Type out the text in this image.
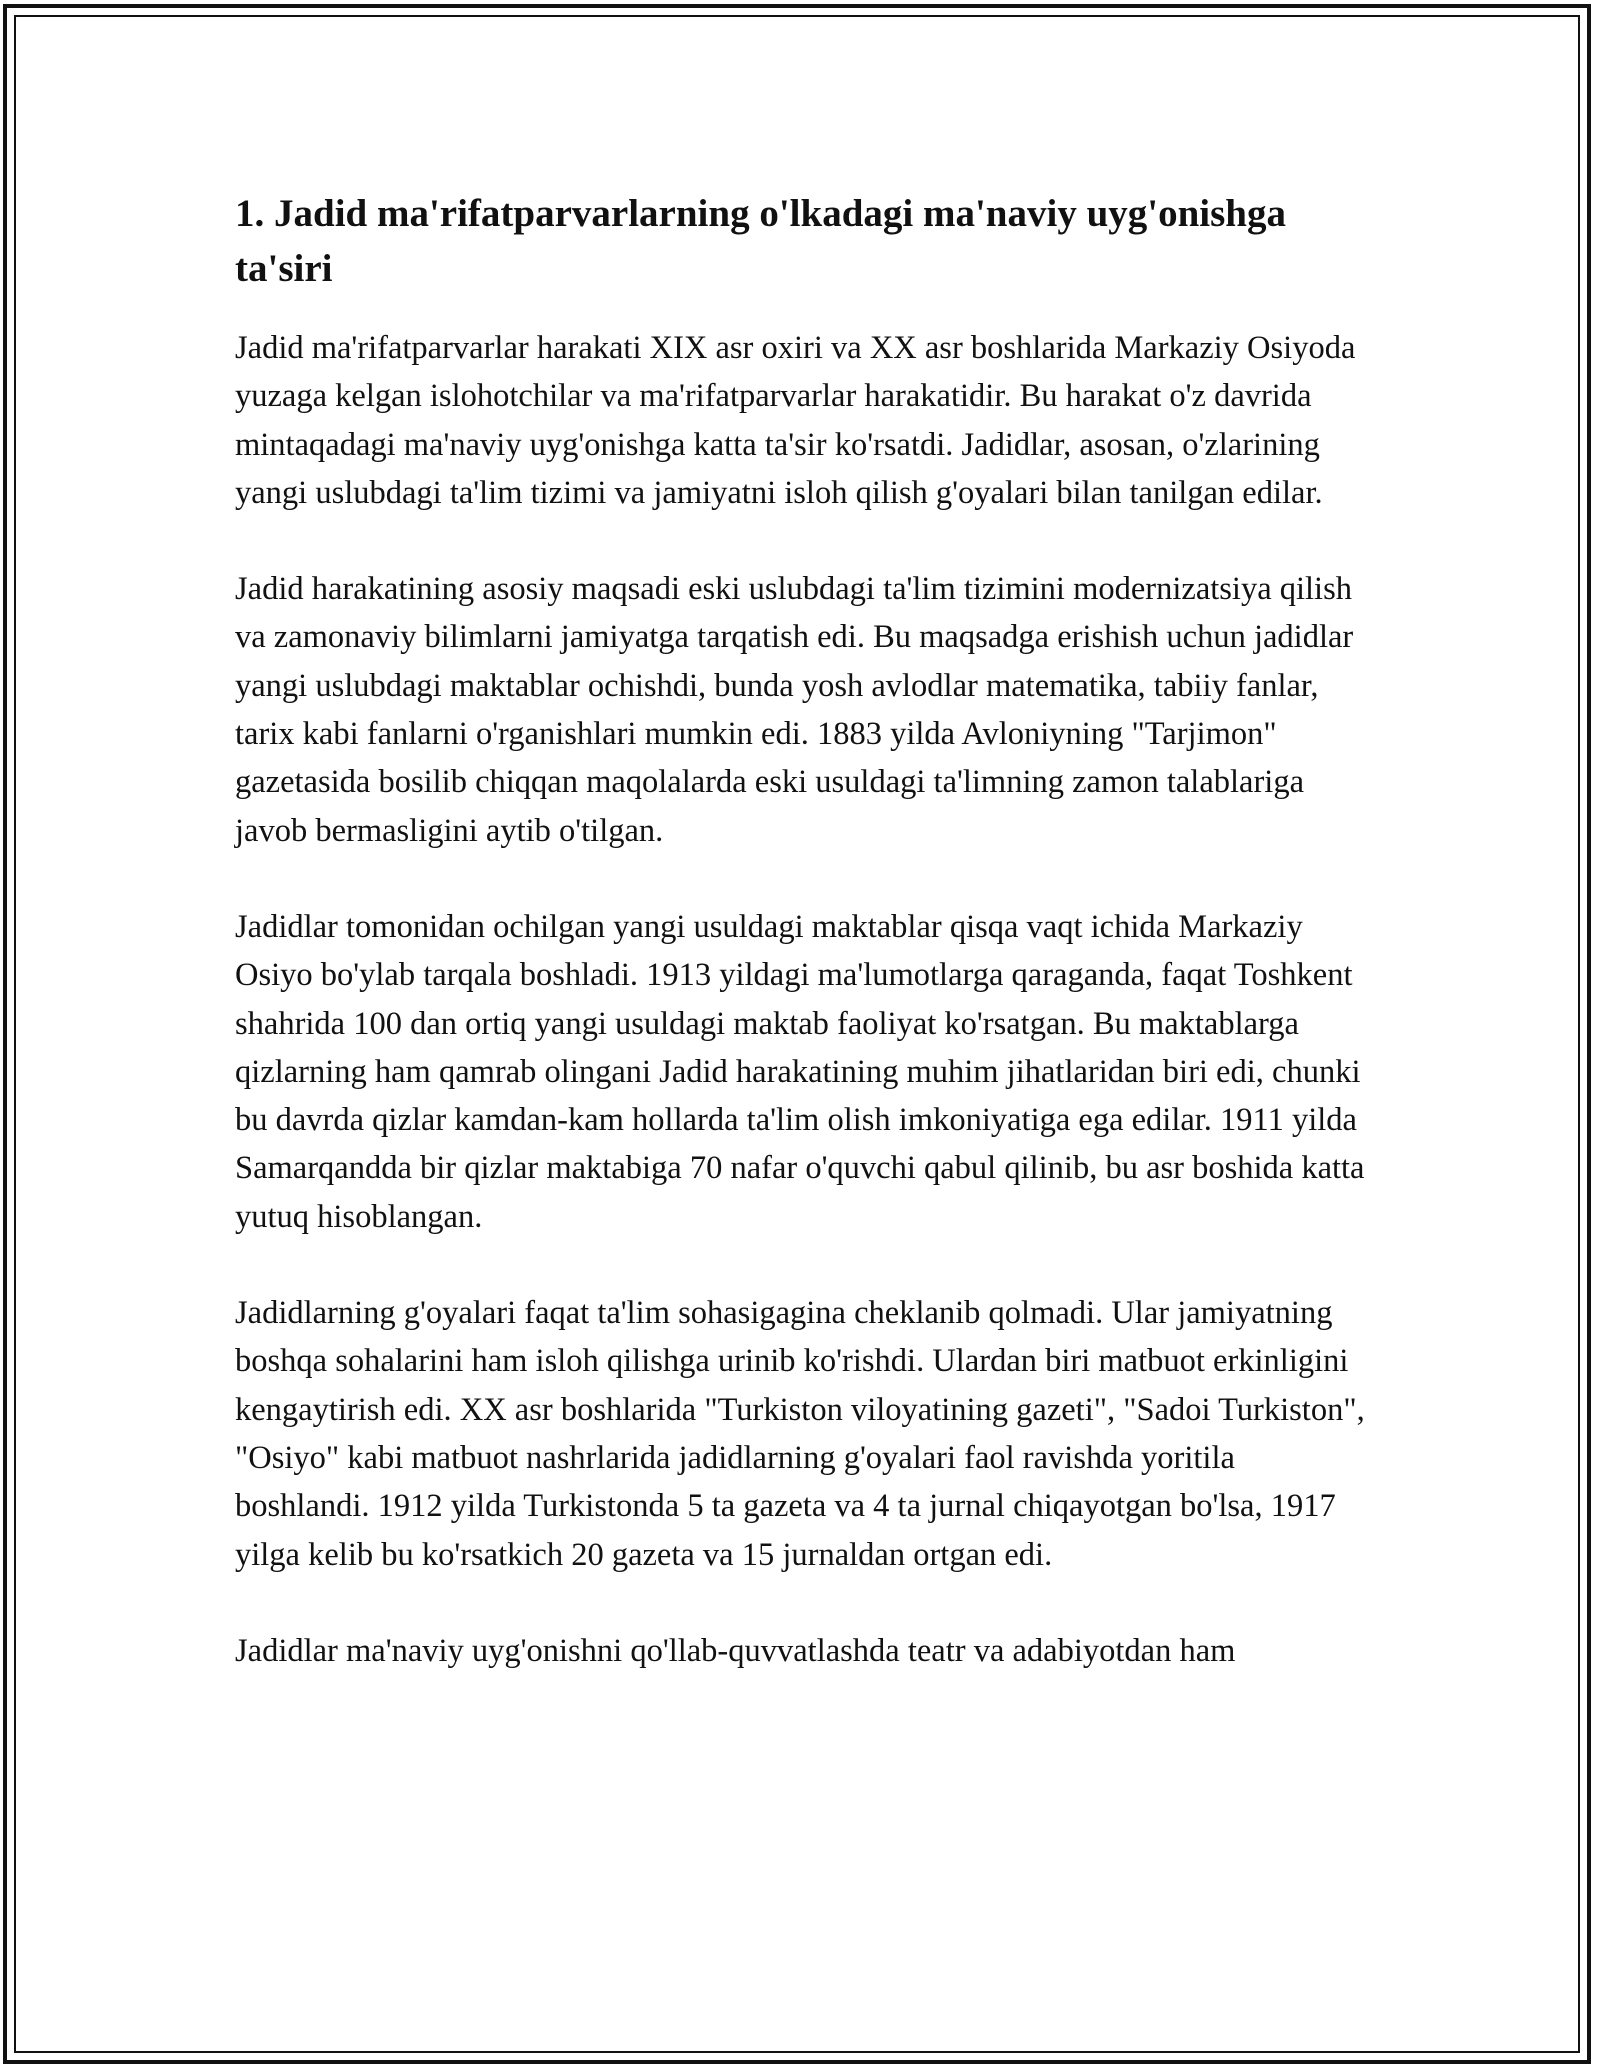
1. Jadid ma'rifatparvarlarning o'lkadagi ma'naviy uyg'onishga ta'siri

Jadid ma'rifatparvarlar harakati XIX asr oxiri va XX asr boshlarida Markaziy Osiyoda yuzaga kelgan islohotchilar va ma'rifatparvarlar harakatidir. Bu harakat o'z davrida mintaqadagi ma'naviy uyg'onishga katta ta'sir ko'rsatdi. Jadidlar, asosan, o'zlarining yangi uslubdagi ta'lim tizimi va jamiyatni isloh qilish g'oyalari bilan tanilgan edilar.

Jadid harakatining asosiy maqsadi eski uslubdagi ta'lim tizimini modernizatsiya qilish va zamonaviy bilimlarni jamiyatga tarqatish edi. Bu maqsadga erishish uchun jadidlar yangi uslubdagi maktablar ochishdi, bunda yosh avlodlar matematika, tabiiy fanlar, tarix kabi fanlarni o'rganishlari mumkin edi. 1883 yilda Avloniyning "Tarjimon" gazetasida bosilib chiqqan maqolalarda eski usuldagi ta'limning zamon talablariga javob bermasligini aytib o'tilgan.

Jadidlar tomonidan ochilgan yangi usuldagi maktablar qisqa vaqt ichida Markaziy Osiyo bo'ylab tarqala boshladi. 1913 yildagi ma'lumotlarga qaraganda, faqat Toshkent shahrida 100 dan ortiq yangi usuldagi maktab faoliyat ko'rsatgan. Bu maktablarga qizlarning ham qamrab olingani Jadid harakatining muhim jihatlaridan biri edi, chunki bu davrda qizlar kamdan-kam hollarda ta'lim olish imkoniyatiga ega edilar. 1911 yilda Samarqandda bir qizlar maktabiga 70 nafar o'quvchi qabul qilinib, bu asr boshida katta yutuq hisoblangan.

Jadidlarning g'oyalari faqat ta'lim sohasigagina cheklanib qolmadi. Ular jamiyatning boshqa sohalarini ham isloh qilishga urinib ko'rishdi. Ulardan biri matbuot erkinligini kengaytirish edi. XX asr boshlarida "Turkiston viloyatining gazeti", "Sadoi Turkiston", "Osiyo" kabi matbuot nashrlarida jadidlarning g'oyalari faol ravishda yoritila boshlandi. 1912 yilda Turkistonda 5 ta gazeta va 4 ta jurnal chiqayotgan bo'lsa, 1917 yilga kelib bu ko'rsatkich 20 gazeta va 15 jurnaldan ortgan edi.

Jadidlar ma'naviy uyg'onishni qo'llab-quvvatlashda teatr va adabiyotdan ham
